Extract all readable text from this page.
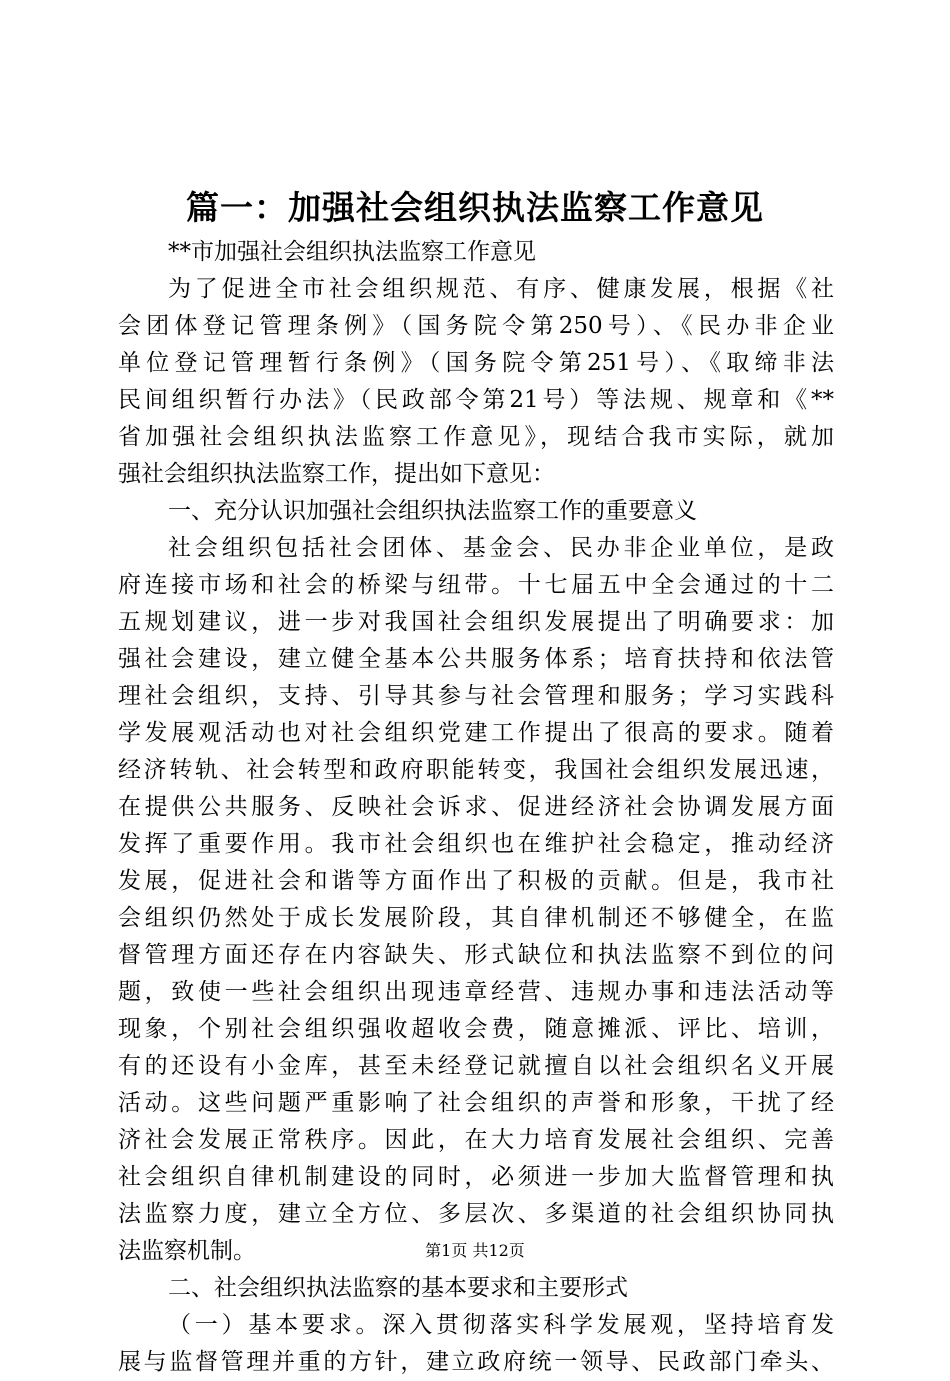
篇一：加强社会组织执法监察工作意见
**市加强社会组织执法监察工作意见
为了促进全市社会组织规范、有序、健康发展，根据《社
会团体登记管理条例》（国务院令第250号）、《民办非企业
单位登记管理暂行条例》（国务院令第251号）、《取缔非法
民间组织暂行办法》（民政部令第21号）等法规、规章和《**
省加强社会组织执法监察工作意见》，现结合我市实际，就加
强社会组织执法监察工作，提出如下意见：
一、充分认识加强社会组织执法监察工作的重要意义
社会组织包括社会团体、基金会、民办非企业单位，是政
府连接市场和社会的桥梁与纽带。十七届五中全会通过的十二
五规划建议，进一步对我国社会组织发展提出了明确要求：加
强社会建设，建立健全基本公共服务体系；培育扶持和依法管
理社会组织，支持、引导其参与社会管理和服务；学习实践科
学发展观活动也对社会组织党建工作提出了很高的要求。随着
经济转轨、社会转型和政府职能转变，我国社会组织发展迅速，
在提供公共服务、反映社会诉求、促进经济社会协调发展方面
发挥了重要作用。我市社会组织也在维护社会稳定，推动经济
发展，促进社会和谐等方面作出了积极的贡献。但是，我市社
会组织仍然处于成长发展阶段，其自律机制还不够健全，在监
督管理方面还存在内容缺失、形式缺位和执法监察不到位的问
题，致使一些社会组织出现违章经营、违规办事和违法活动等
现象，个别社会组织强收超收会费，随意摊派、评比、培训，
有的还设有小金库，甚至未经登记就擅自以社会组织名义开展
活动。这些问题严重影响了社会组织的声誉和形象，干扰了经
济社会发展正常秩序。因此，在大力培育发展社会组织、完善
社会组织自律机制建设的同时，必须进一步加大监督管理和执
法监察力度，建立全方位、多层次、多渠道的社会组织协同执
法监察机制。
二、社会组织执法监察的基本要求和主要形式
（一）基本要求。深入贯彻落实科学发展观，坚持培育发
展与监督管理并重的方针，建立政府统一领导、民政部门牵头、
第1页 共12页
